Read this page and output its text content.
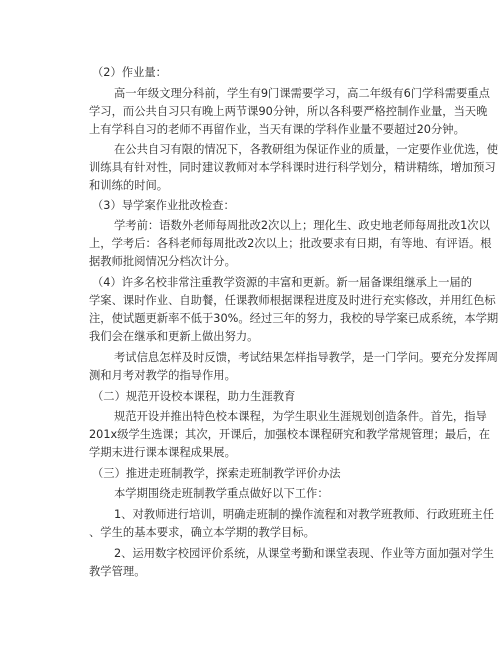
（2）作业量：
高一年级文理分科前，学生有9门课需要学习，高二年级有6门学科需要重点
学习，而公共自习只有晚上两节课90分钟，所以各科要严格控制作业量，当天晚
上有学科自习的老师不再留作业，当天有课的学科作业量不要超过20分钟。
在公共自习有限的情况下，各教研组为保证作业的质量，一定要作业优选，使
训练具有针对性，同时建议教师对本学科课时进行科学划分，精讲精练，增加预习
和训练的时间。
（3）导学案作业批改检查：
学考前：语数外老师每周批改2次以上；理化生、政史地老师每周批改1次以
上，学考后：各科老师每周批改2次以上；批改要求有日期，有等地、有评语。根
据教师批阅情况分档次计分。
（4）许多名校非常注重教学资源的丰富和更新。新一届备课组继承上一届的
学案、课时作业、自助餐，任课教师根据课程进度及时进行充实修改，并用红色标
注，使试题更新率不低于30%。经过三年的努力，我校的导学案已成系统，本学期
我们会在继承和更新上做出努力。
考试信息怎样及时反馈，考试结果怎样指导教学，是一门学问。要充分发挥周
测和月考对教学的指导作用。
（二）规范开设校本课程，助力生涯教育
规范开设并推出特色校本课程，为学生职业生涯规划创造条件。首先，指导
201x级学生选课；其次，开课后，加强校本课程研究和教学常规管理；最后，在
学期末进行课本课程成果展。
（三）推进走班制教学，探索走班制教学评价办法
本学期围绕走班制教学重点做好以下工作：
1、对教师进行培训，明确走班制的操作流程和对教学班教师、行政班班主任
、学生的基本要求，确立本学期的教学目标。
2、运用数字校园评价系统，从课堂考勤和课堂表现、作业等方面加强对学生
教学管理。
